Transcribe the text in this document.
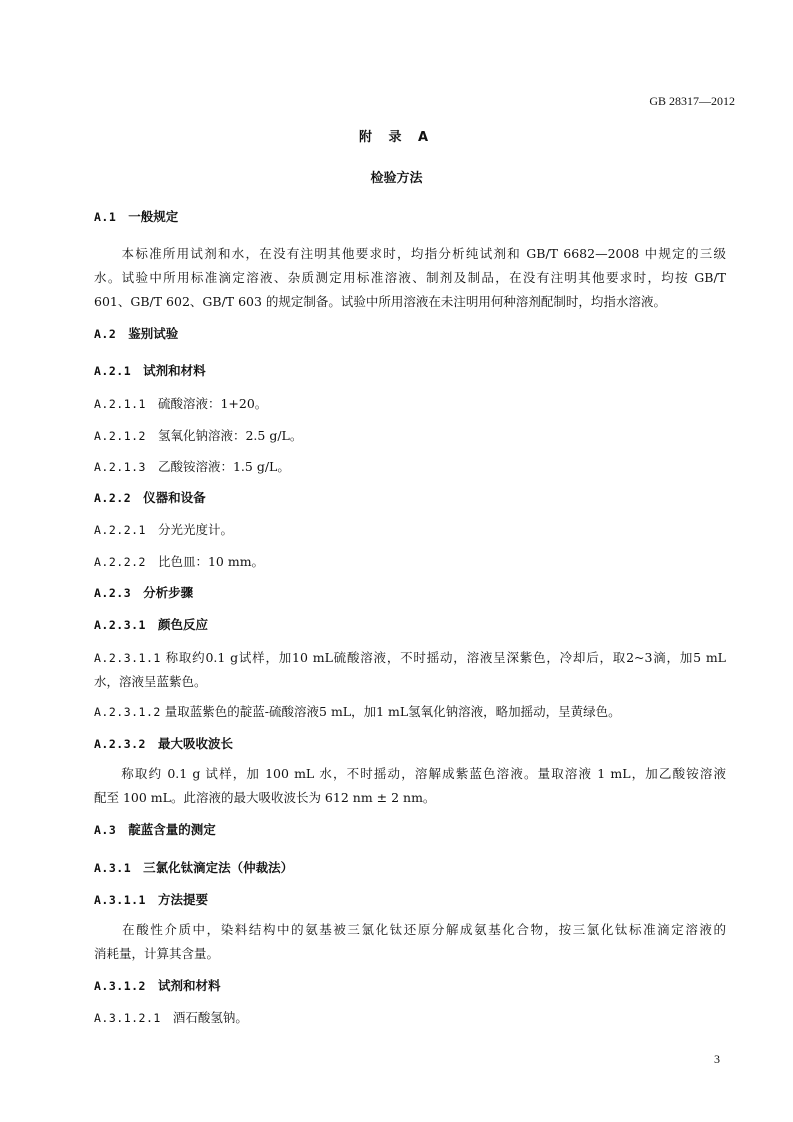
GB 28317—2012
附 录 A
检验方法
A.1 一般规定
　　本标准所用试剂和水，在没有注明其他要求时，均指分析纯试剂和 GB/T 6682—2008 中规定的三级
水。试验中所用标准滴定溶液、杂质测定用标准溶液、制剂及制品，在没有注明其他要求时，均按 GB/T
601、GB/T 602、GB/T 603 的规定制备。试验中所用溶液在未注明用何种溶剂配制时，均指水溶液。
A.2 鉴别试验
A.2.1 试剂和材料
A.2.1.1 硫酸溶液：1+20。
A.2.1.2 氢氧化钠溶液：2.5 g/L。
A.2.1.3 乙酸铵溶液：1.5 g/L。
A.2.2 仪器和设备
A.2.2.1 分光光度计。
A.2.2.2 比色皿：10 mm。
A.2.3 分析步骤
A.2.3.1 颜色反应
A.2.3.1.1 称取约0.1 g试样，加10 mL硫酸溶液，不时摇动，溶液呈深紫色，冷却后，取2~3滴，加5 mL
水，溶液呈蓝紫色。
A.2.3.1.2 量取蓝紫色的靛蓝-硫酸溶液5 mL，加1 mL氢氧化钠溶液，略加摇动，呈黄绿色。
A.2.3.2 最大吸收波长
　　称取约 0.1 g 试样，加 100 mL 水，不时摇动，溶解成紫蓝色溶液。量取溶液 1 mL，加乙酸铵溶液
配至 100 mL。此溶液的最大吸收波长为 612 nm ± 2 nm。
A.3 靛蓝含量的测定
A.3.1 三氯化钛滴定法（仲裁法）
A.3.1.1 方法提要
　　在酸性介质中，染料结构中的氨基被三氯化钛还原分解成氨基化合物，按三氯化钛标准滴定溶液的
消耗量，计算其含量。
A.3.1.2 试剂和材料
A.3.1.2.1 酒石酸氢钠。
3
